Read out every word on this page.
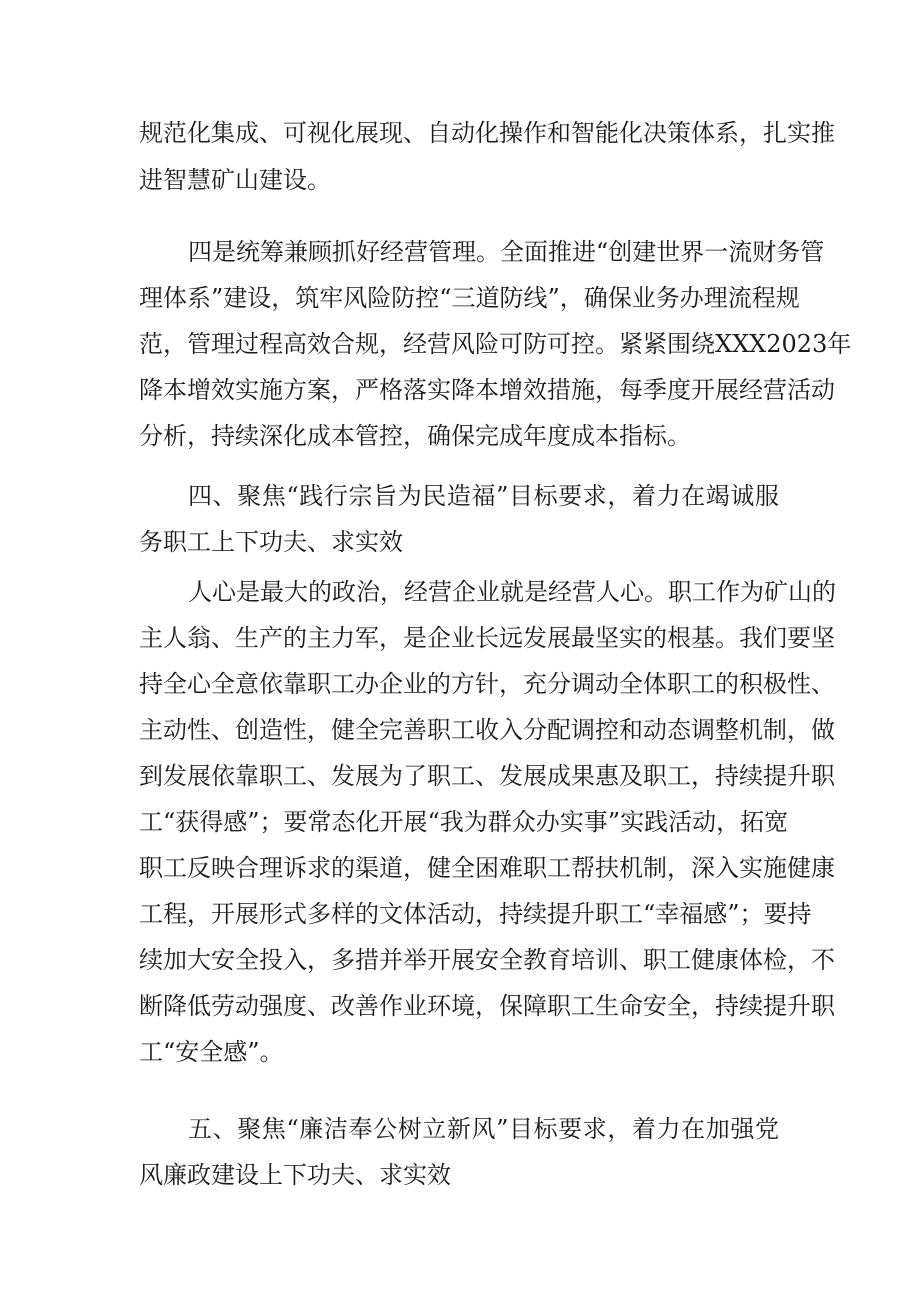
规范化集成、可视化展现、自动化操作和智能化决策体系，扎实推
进智慧矿山建设。
四是统筹兼顾抓好经营管理。全面推进“创建世界一流财务管
理体系”建设，筑牢风险防控“三道防线”，确保业务办理流程规
范，管理过程高效合规，经营风险可防可控。紧紧围绕XXX2023年
降本增效实施方案，严格落实降本增效措施，每季度开展经营活动
分析，持续深化成本管控，确保完成年度成本指标。
四、聚焦“践行宗旨为民造福”目标要求，着力在竭诚服
务职工上下功夫、求实效
人心是最大的政治，经营企业就是经营人心。职工作为矿山的
主人翁、生产的主力军，是企业长远发展最坚实的根基。我们要坚
持全心全意依靠职工办企业的方针，充分调动全体职工的积极性、
主动性、创造性，健全完善职工收入分配调控和动态调整机制，做
到发展依靠职工、发展为了职工、发展成果惠及职工，持续提升职
工“获得感”；要常态化开展“我为群众办实事”实践活动，拓宽
职工反映合理诉求的渠道，健全困难职工帮扶机制，深入实施健康
工程，开展形式多样的文体活动，持续提升职工“幸福感”；要持
续加大安全投入，多措并举开展安全教育培训、职工健康体检，不
断降低劳动强度、改善作业环境，保障职工生命安全，持续提升职
工“安全感”。
五、聚焦“廉洁奉公树立新风”目标要求，着力在加强党
风廉政建设上下功夫、求实效
